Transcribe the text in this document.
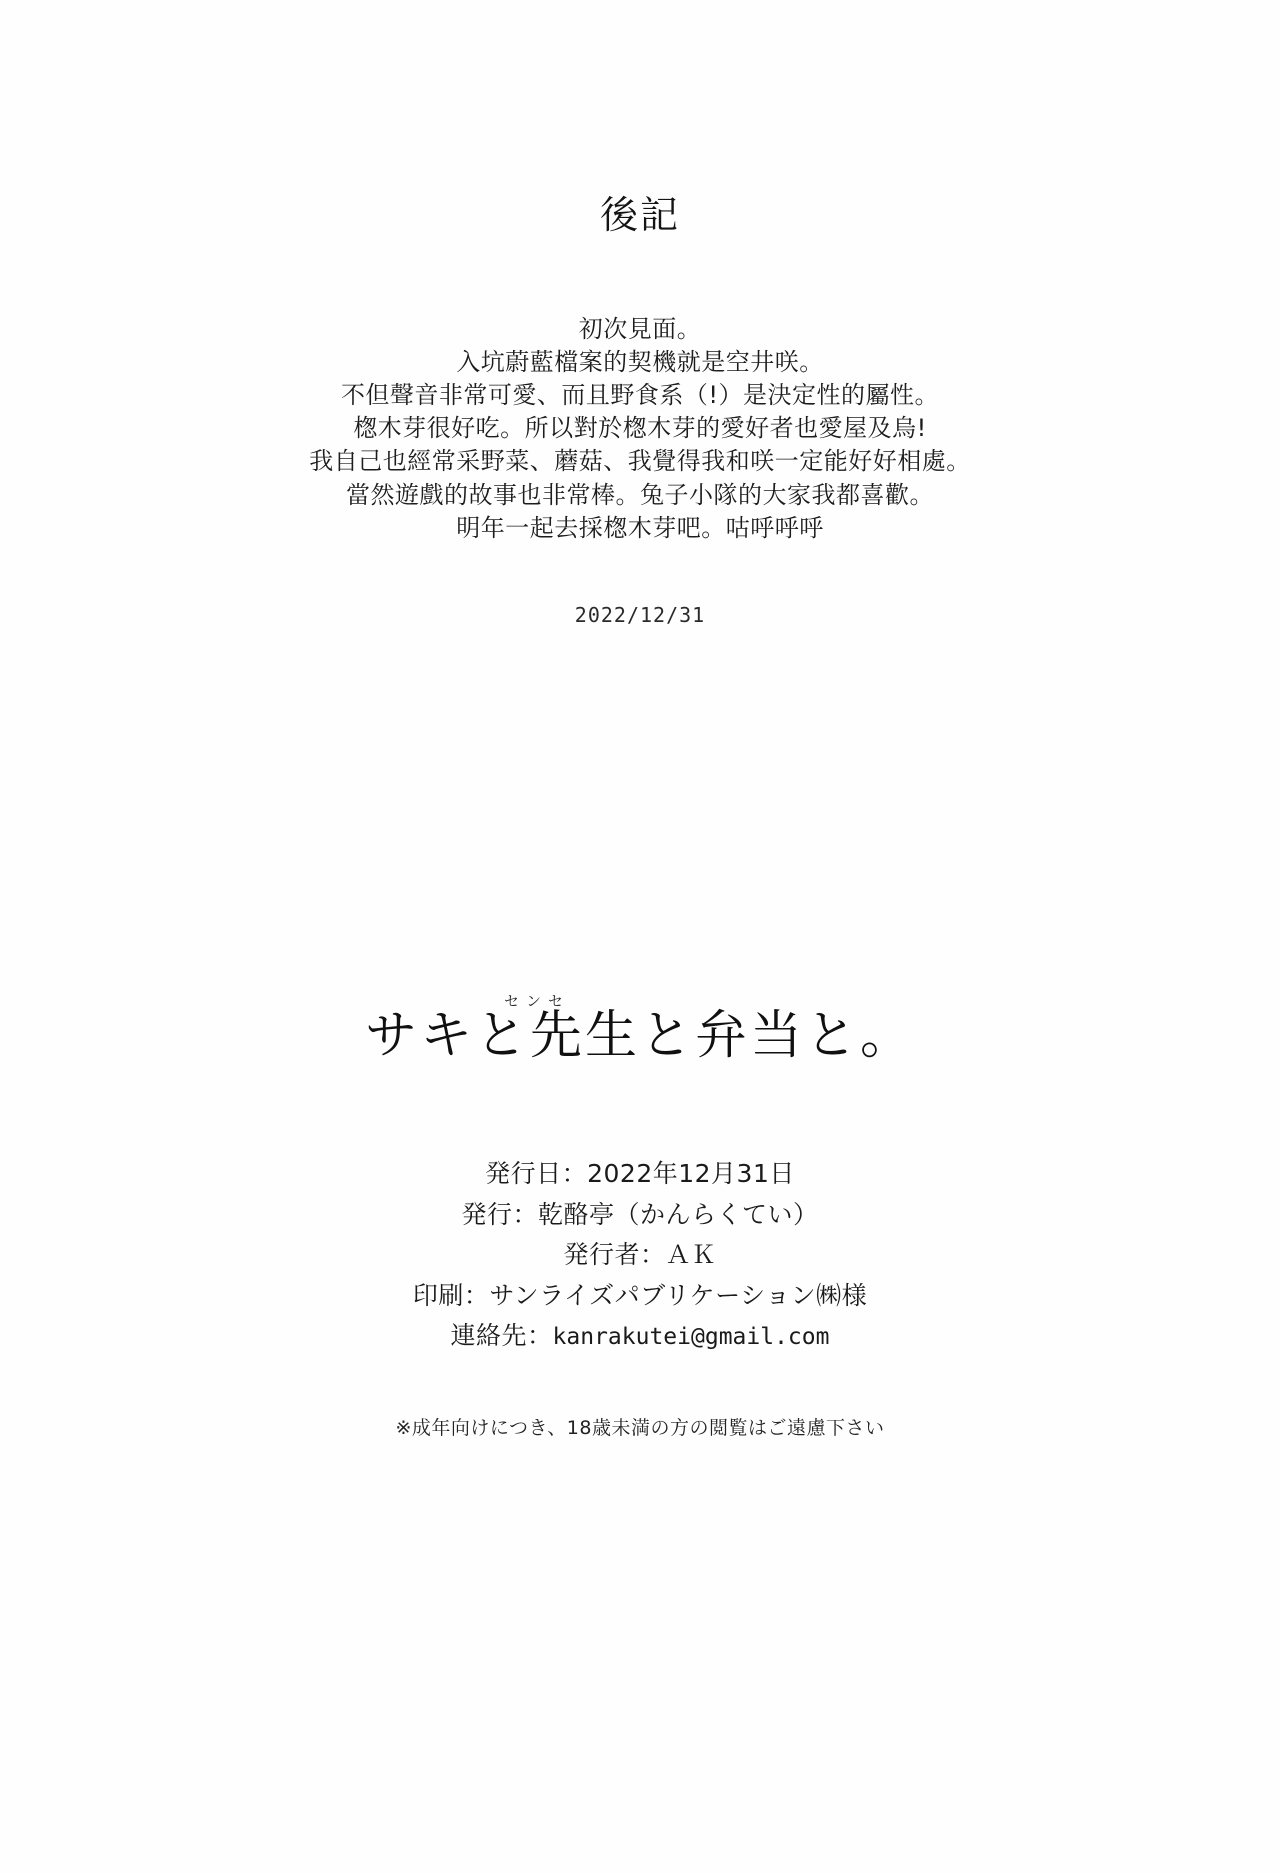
後記
初次見面。
入坑蔚藍檔案的契機就是空井咲。
不但聲音非常可愛、而且野食系（!）是決定性的屬性。
楤木芽很好吃。所以對於楤木芽的愛好者也愛屋及烏!
我自己也經常采野菜、蘑菇、我覺得我和咲一定能好好相處。
當然遊戲的故事也非常棒。兔子小隊的大家我都喜歡。
明年一起去採楤木芽吧。咕呼呼呼
2022/12/31
センセ
サキと先生と弁当と。
発行日：2022年12月31日
発行：乾酪亭（かんらくてい）
発行者：ＡＫ
印刷：サンライズパブリケーション㈱様
連絡先：kanrakutei@gmail.com
※成年向けにつき、18歳未満の方の閲覧はご遠慮下さい
